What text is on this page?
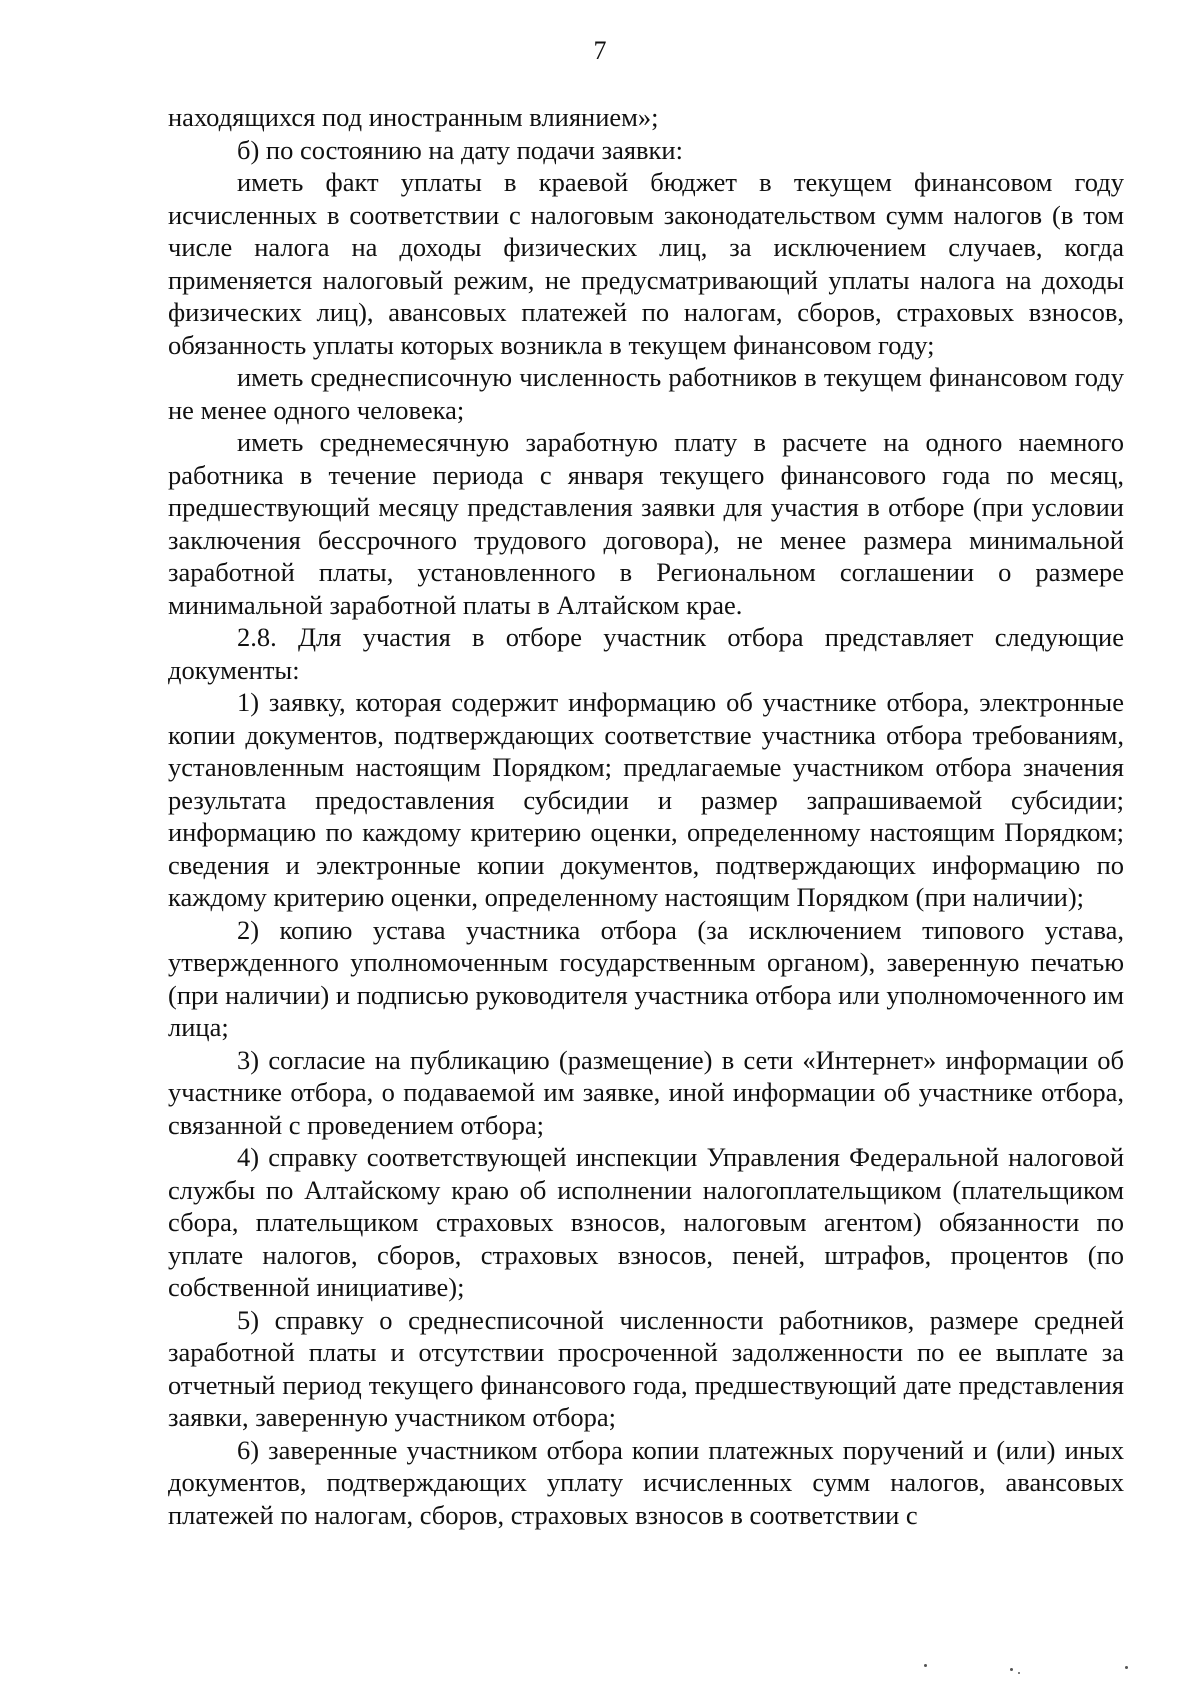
7

находящихся под иностранным влиянием»;

б) по состоянию на дату подачи заявки:

иметь факт уплаты в краевой бюджет в текущем финансовом году исчисленных в соответствии с налоговым законодательством сумм налогов (в том числе налога на доходы физических лиц, за исключением случаев, когда применяется налоговый режим, не предусматривающий уплаты налога на доходы физических лиц), авансовых платежей по налогам, сборов, страховых взносов, обязанность уплаты которых возникла в текущем финансовом году;

иметь среднесписочную численность работников в текущем финансовом году не менее одного человека;

иметь среднемесячную заработную плату в расчете на одного наемного работника в течение периода с января текущего финансового года по месяц, предшествующий месяцу представления заявки для участия в отборе (при условии заключения бессрочного трудового договора), не менее размера минимальной заработной платы, установленного в Региональном соглашении о размере минимальной заработной платы в Алтайском крае.

2.8. Для участия в отборе участник отбора представляет следующие документы:

1) заявку, которая содержит информацию об участнике отбора, электронные копии документов, подтверждающих соответствие участника отбора требованиям, установленным настоящим Порядком; предлагаемые участником отбора значения результата предоставления субсидии и размер запрашиваемой субсидии; информацию по каждому критерию оценки, определенному настоящим Порядком; сведения и электронные копии документов, подтверждающих информацию по каждому критерию оценки, определенному настоящим Порядком (при наличии);

2) копию устава участника отбора (за исключением типового устава, утвержденного уполномоченным государственным органом), заверенную печатью (при наличии) и подписью руководителя участника отбора или уполномоченного им лица;

3) согласие на публикацию (размещение) в сети «Интернет» информации об участнике отбора, о подаваемой им заявке, иной информации об участнике отбора, связанной с проведением отбора;

4) справку соответствующей инспекции Управления Федеральной налоговой службы по Алтайскому краю об исполнении налогоплательщиком (плательщиком сбора, плательщиком страховых взносов, налоговым агентом) обязанности по уплате налогов, сборов, страховых взносов, пеней, штрафов, процентов (по собственной инициативе);

5) справку о среднесписочной численности работников, размере средней заработной платы и отсутствии просроченной задолженности по ее выплате за отчетный период текущего финансового года, предшествующий дате представления заявки, заверенную участником отбора;

6) заверенные участником отбора копии платежных поручений и (или) иных документов, подтверждающих уплату исчисленных сумм налогов, авансовых платежей по налогам, сборов, страховых взносов в соответствии с
